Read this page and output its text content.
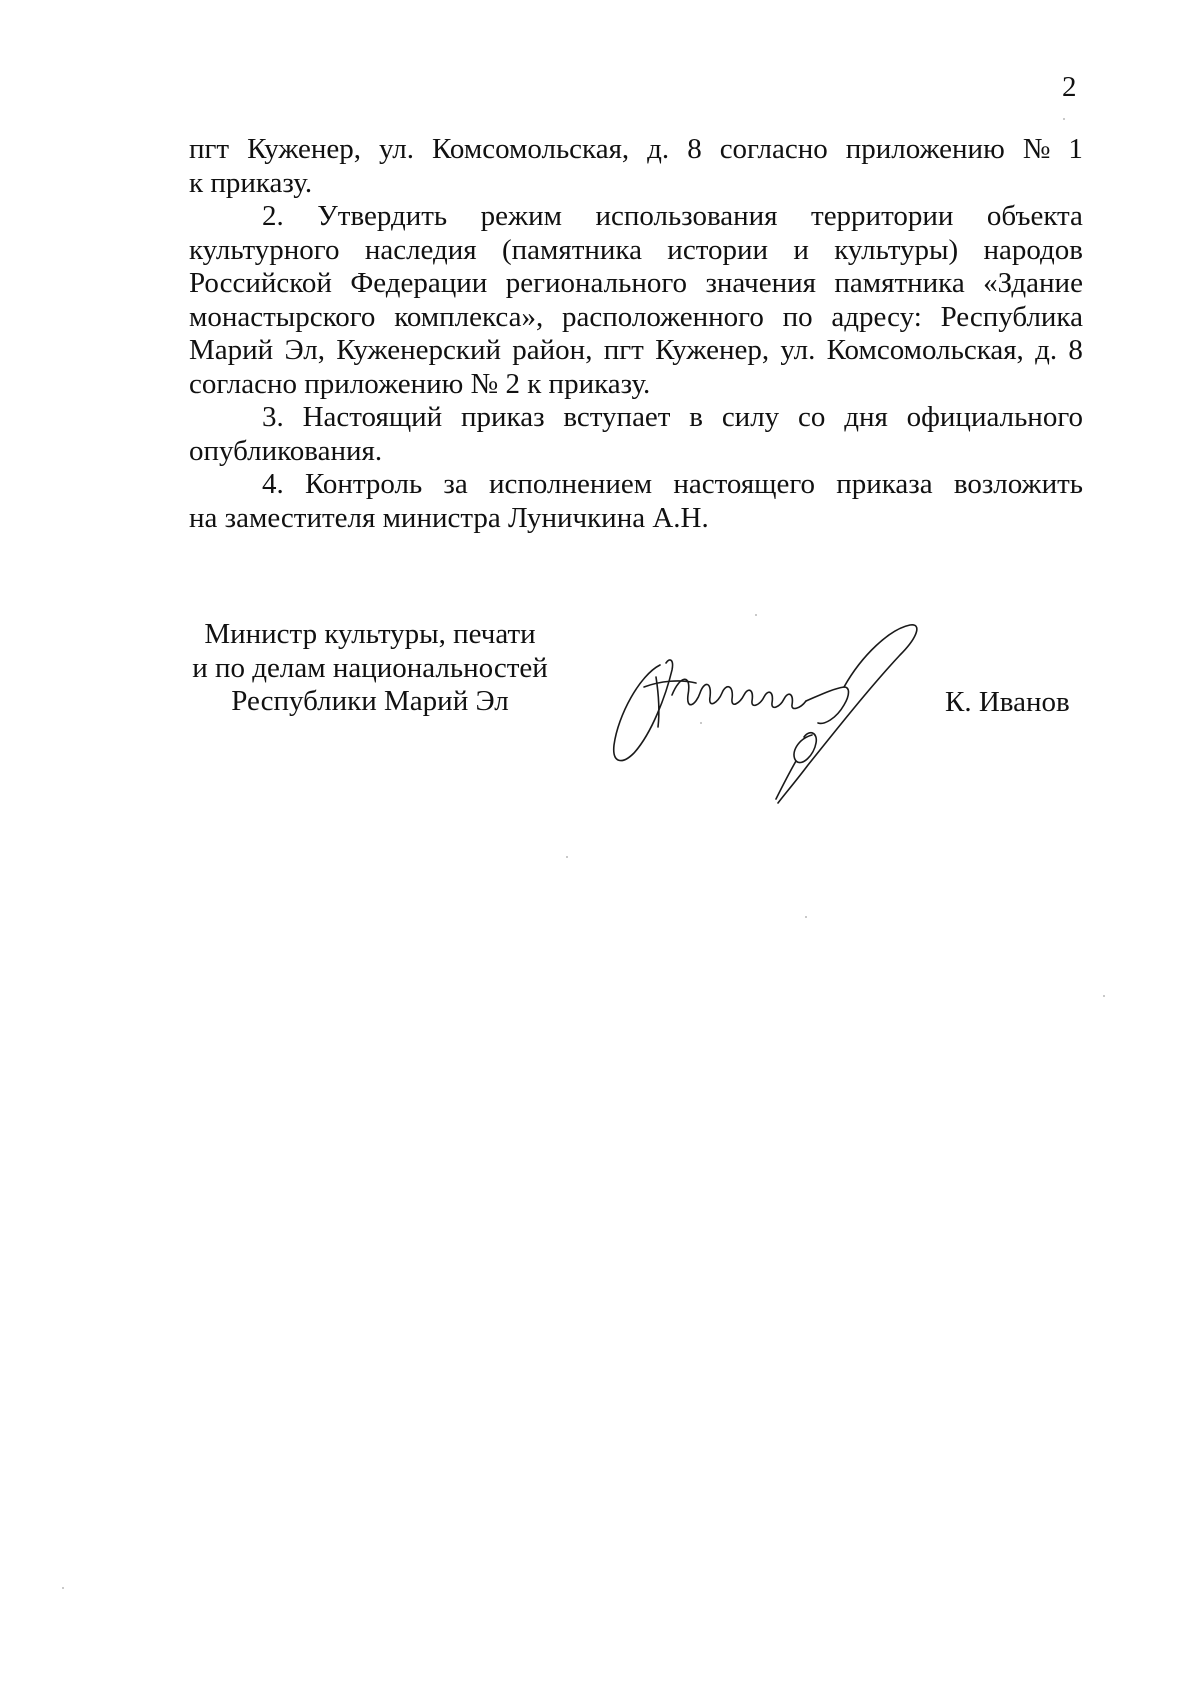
2
пгт Куженер, ул. Комсомольская, д. 8 согласно приложению № 1
к приказу.
2. Утвердить режим использования территории объекта
культурного наследия (памятника истории и культуры) народов
Российской Федерации регионального значения памятника «Здание
монастырского комплекса», расположенного по адресу: Республика
Марий Эл, Куженерский район, пгт Куженер, ул. Комсомольская, д. 8
согласно приложению № 2 к приказу.
3. Настоящий приказ вступает в силу со дня официального
опубликования.
4. Контроль за исполнением настоящего приказа возложить
на заместителя министра Луничкина А.Н.
Министр культуры, печати
и по делам национальностей
Республики Марий Эл	К. Иванов
